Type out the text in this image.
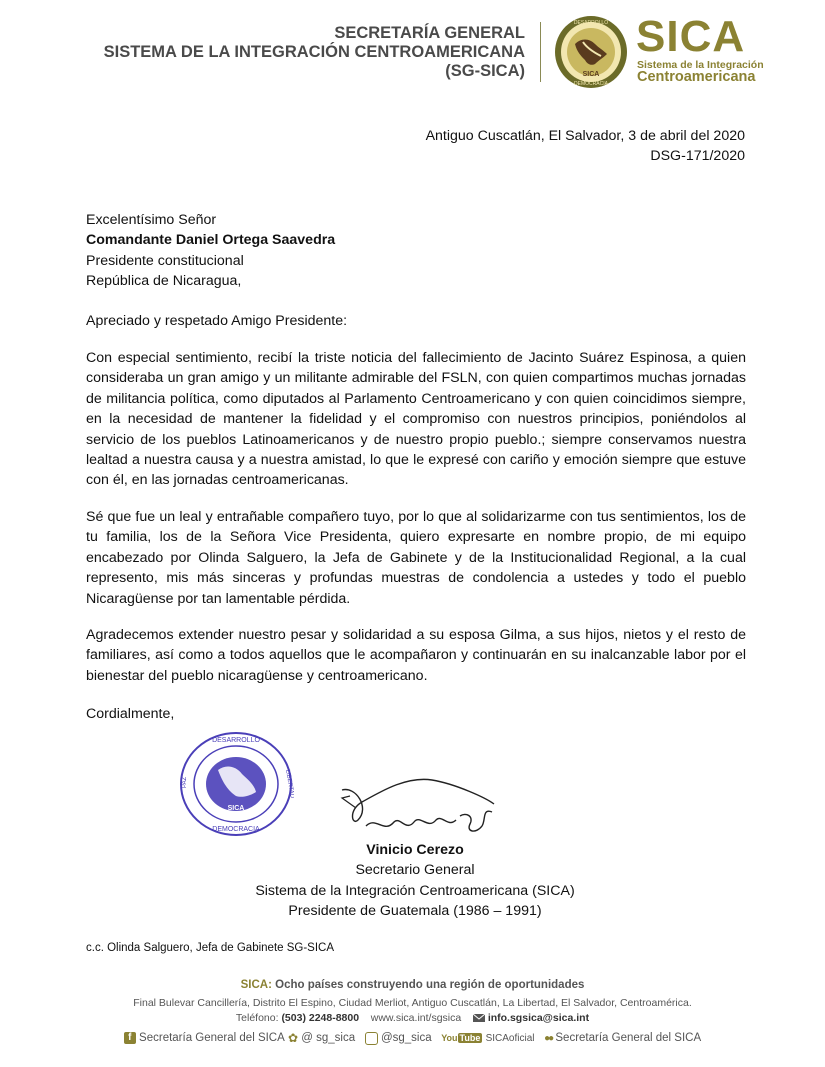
SECRETARÍA GENERAL
SISTEMA DE LA INTEGRACIÓN CENTROAMERICANA
(SG-SICA)
DESARROLLO
DEMOCRACIA
SICA
SICA
Sistema de la Integración
Centroamericana
Antiguo Cuscatlán, El Salvador, 3 de abril del 2020
DSG-171/2020
Excelentísimo Señor
Comandante Daniel Ortega Saavedra
Presidente constitucional
República de Nicaragua,
Apreciado y respetado Amigo Presidente:
Con especial sentimiento, recibí la triste noticia del fallecimiento de Jacinto Suárez Espinosa, a quien consideraba un gran amigo y un militante admirable del FSLN, con quien compartimos muchas jornadas de militancia política, como diputados al Parlamento Centroamericano y con quien coincidimos siempre, en la necesidad de mantener la fidelidad y el compromiso con nuestros principios, poniéndolos al servicio de los pueblos Latinoamericanos y de nuestro propio pueblo.; siempre conservamos nuestra lealtad a nuestra causa y a nuestra amistad, lo que le expresé con cariño y emoción siempre que estuve con él, en las jornadas centroamericanas.
Sé que fue un leal y entrañable compañero tuyo, por lo que al solidarizarme con tus sentimientos, los de tu familia, los de la Señora Vice Presidenta, quiero expresarte en nombre propio, de mi equipo encabezado por Olinda Salguero, la Jefa de Gabinete y de la Institucionalidad Regional, a la cual represento, mis más sinceras y profundas muestras de condolencia a ustedes y todo el pueblo Nicaragüense por tan lamentable pérdida.
Agradecemos extender nuestro pesar y solidaridad a su esposa Gilma, a sus hijos, nietos y el resto de familiares, así como a todos aquellos que le acompañaron y continuarán en su inalcanzable labor por el bienestar del pueblo nicaragüense y centroamericano.
Cordialmente,
DESARROLLO
DEMOCRACIA
PAZ	LIBERTAD
SICA
Vinicio Cerezo
Secretario General
Sistema de la Integración Centroamericana (SICA)
Presidente de Guatemala (1986 – 1991)
c.c. Olinda Salguero, Jefa de Gabinete SG-SICA
SICA: Ocho países construyendo una región de oportunidades
Final Bulevar Cancillería, Distrito El Espino, Ciudad Merliot, Antiguo Cuscatlán, La Libertad, El Salvador, Centroamérica.
Teléfono: (503) 2248-8800 www.sica.int/sgsica	info.sgsica@sica.int
f Secretaría General del SICA ✿ @ sg_sica @sg_sica You Tube SICAoficial ●● Secretaría General del SICA
